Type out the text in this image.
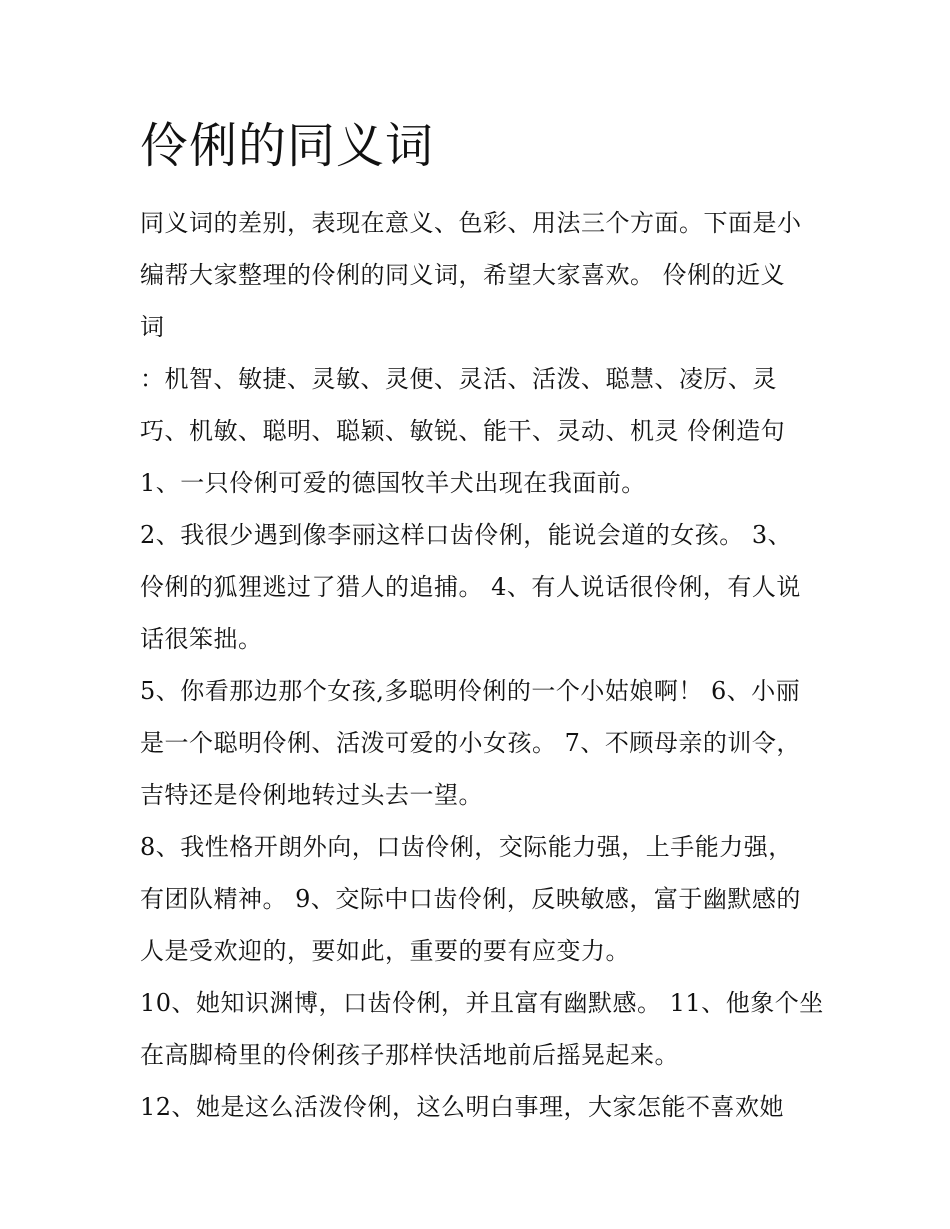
伶俐的同义词
同义词的差别，表现在意义、色彩、用法三个方面。下面是小
编帮大家整理的伶俐的同义词，希望大家喜欢。 伶俐的近义
词
：机智、敏捷、灵敏、灵便、灵活、活泼、聪慧、凌厉、灵
巧、机敏、聪明、聪颖、敏锐、能干、灵动、机灵 伶俐造句
1、一只伶俐可爱的德国牧羊犬出现在我面前。
2、我很少遇到像李丽这样口齿伶俐，能说会道的女孩。 3、
伶俐的狐狸逃过了猎人的追捕。 4、有人说话很伶俐，有人说
话很笨拙。
5、你看那边那个女孩,多聪明伶俐的一个小姑娘啊！ 6、小丽
是一个聪明伶俐、活泼可爱的小女孩。 7、不顾母亲的训令，
吉特还是伶俐地转过头去一望。
8、我性格开朗外向，口齿伶俐，交际能力强，上手能力强，
有团队精神。 9、交际中口齿伶俐，反映敏感，富于幽默感的
人是受欢迎的，要如此，重要的要有应变力。
10、她知识渊博，口齿伶俐，并且富有幽默感。 11、他象个坐
在高脚椅里的伶俐孩子那样快活地前后摇晃起来。
12、她是这么活泼伶俐，这么明白事理，大家怎能不喜欢她
